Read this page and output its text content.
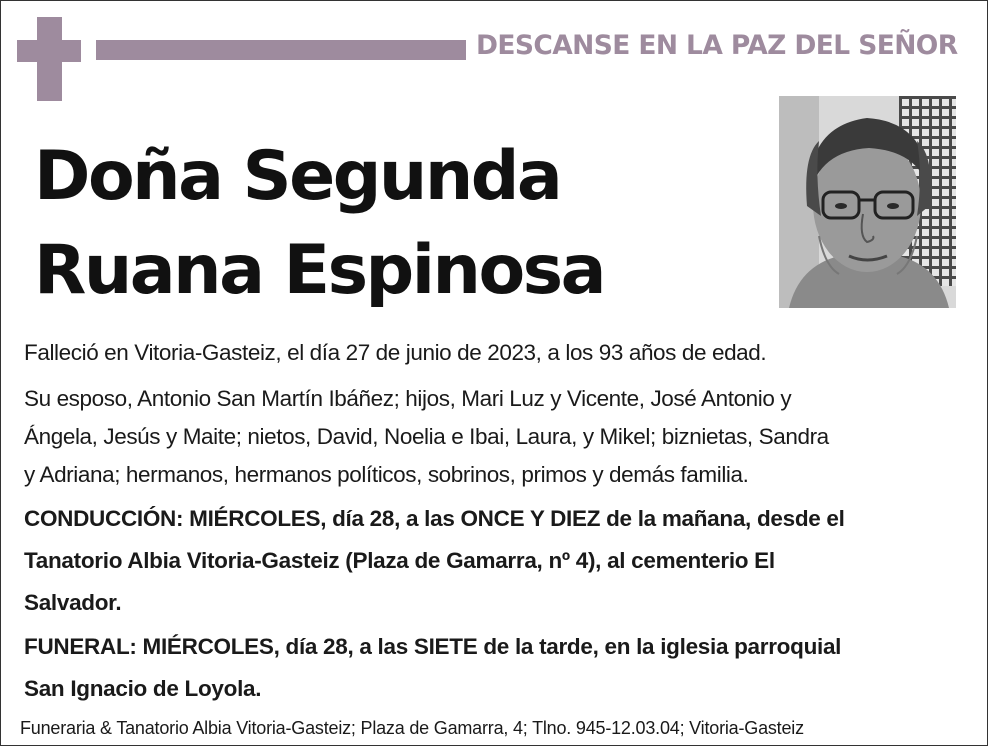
DESCANSE EN LA PAZ DEL SEÑOR
Doña Segunda
Ruana Espinosa

Falleció en Vitoria-Gasteiz, el día 27 de junio de 2023, a los 93 años de edad.

Su esposo, Antonio San Martín Ibáñez; hijos, Mari Luz y Vicente, José Antonio y
Ángela, Jesús y Maite; nietos, David, Noelia e Ibai, Laura, y Mikel; biznietas, Sandra
y Adriana; hermanos, hermanos políticos, sobrinos, primos y demás familia.

CONDUCCIÓN: MIÉRCOLES, día 28, a las ONCE Y DIEZ de la mañana, desde el
Tanatorio Albia Vitoria-Gasteiz (Plaza de Gamarra, nº 4), al cementerio El
Salvador.

FUNERAL: MIÉRCOLES, día 28, a las SIETE de la tarde, en la iglesia parroquial
San Ignacio de Loyola.

Funeraria & Tanatorio Albia Vitoria-Gasteiz; Plaza de Gamarra, 4; Tlno. 945-12.03.04; Vitoria-Gasteiz
